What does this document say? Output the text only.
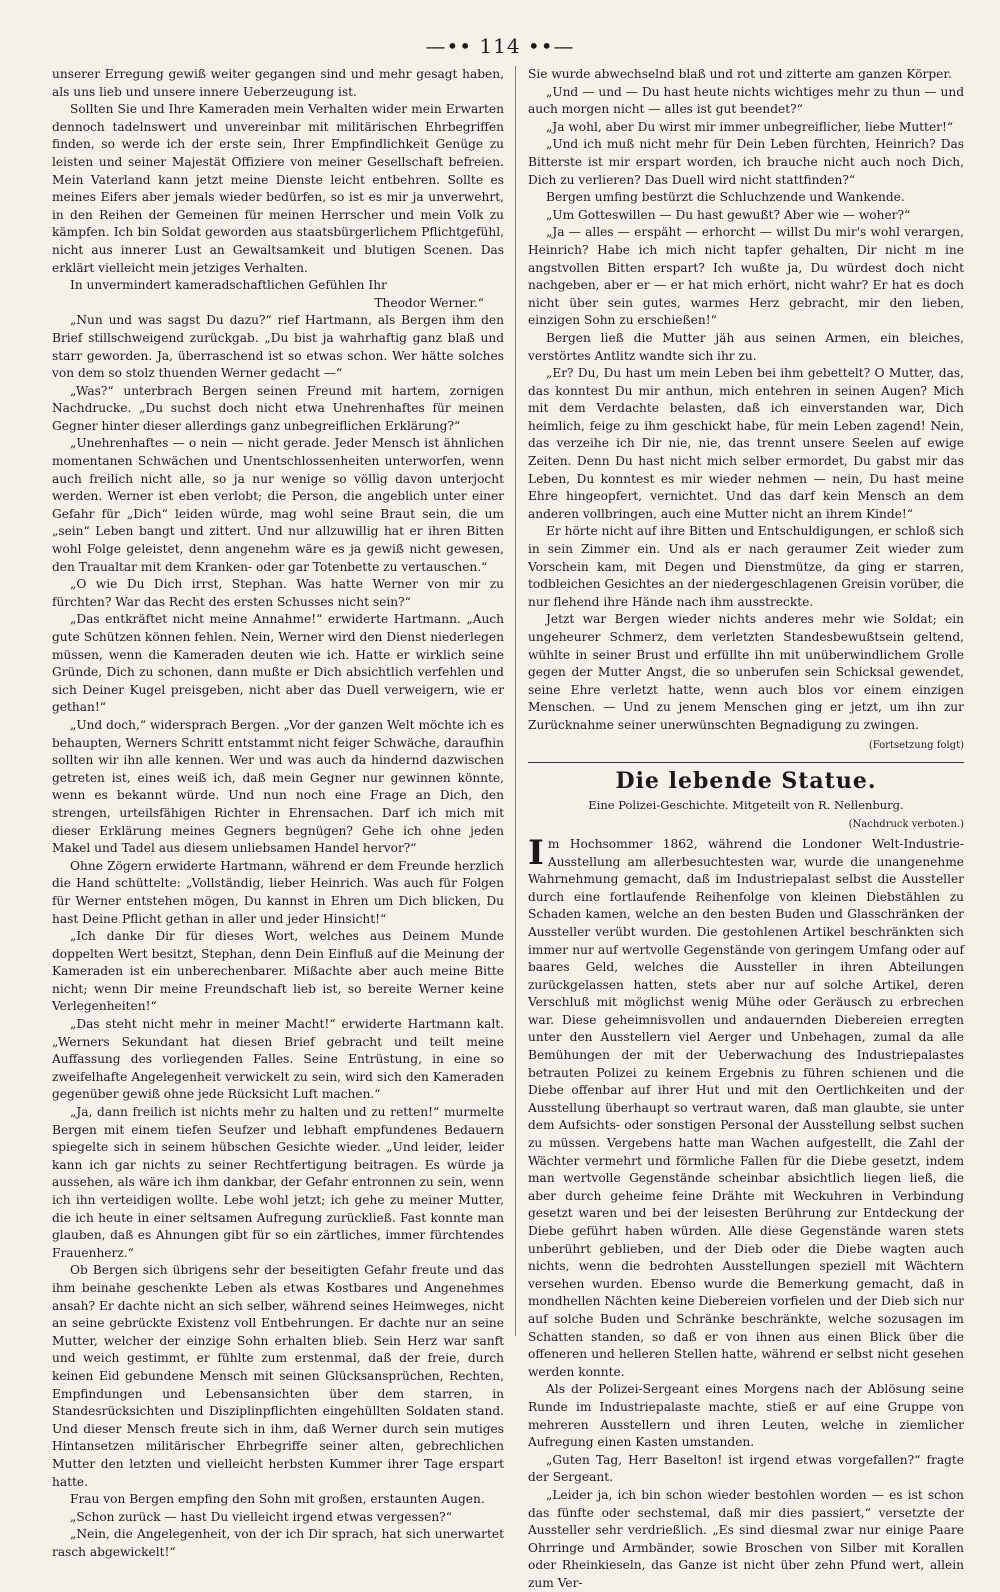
—•• 114 ••—

unserer Erregung gewiß weiter gegangen sind und mehr gesagt haben, als uns lieb und unsere innere Ueberzeugung ist.

Sollten Sie und Ihre Kameraden mein Verhalten wider mein Erwarten dennoch tadelnswert und unvereinbar mit militärischen Ehrbegriffen finden, so werde ich der erste sein, Ihrer Empfindlichkeit Genüge zu leisten und seiner Majestät Offiziere von meiner Gesellschaft befreien. Mein Vaterland kann jetzt meine Dienste leicht entbehren. Sollte es meines Eifers aber jemals wieder bedürfen, so ist es mir ja unverwehrt, in den Reihen der Gemeinen für meinen Herrscher und mein Volk zu kämpfen. Ich bin Soldat geworden aus staatsbürgerlichem Pflichtgefühl, nicht aus innerer Lust an Gewaltsamkeit und blutigen Scenen. Das erklärt vielleicht mein jetziges Verhalten.

In unvermindert kameradschaftlichen Gefühlen Ihr

Theodor Werner.“

„Nun und was sagst Du dazu?“ rief Hartmann, als Bergen ihm den Brief stillschweigend zurückgab. „Du bist ja wahrhaftig ganz blaß und starr geworden. Ja, überraschend ist so etwas schon. Wer hätte solches von dem so stolz thuenden Werner gedacht —“

„Was?“ unterbrach Bergen seinen Freund mit hartem, zornigen Nachdrucke. „Du suchst doch nicht etwa Unehrenhaftes für meinen Gegner hinter dieser allerdings ganz unbegreiflichen Erklärung?“

„Unehrenhaftes — o nein — nicht gerade. Jeder Mensch ist ähnlichen momentanen Schwächen und Unentschlossenheiten unterworfen, wenn auch freilich nicht alle, so ja nur wenige so völlig davon unterjocht werden. Werner ist eben verlobt; die Person, die angeblich unter einer Gefahr für „Dich“ leiden würde, mag wohl seine Braut sein, die um „sein“ Leben bangt und zittert. Und nur allzuwillig hat er ihren Bitten wohl Folge geleistet, denn angenehm wäre es ja gewiß nicht gewesen, den Traualtar mit dem Kranken- oder gar Totenbette zu vertauschen.“

„O wie Du Dich irrst, Stephan. Was hatte Werner von mir zu fürchten? War das Recht des ersten Schusses nicht sein?“

„Das entkräftet nicht meine Annahme!“ erwiderte Hartmann. „Auch gute Schützen können fehlen. Nein, Werner wird den Dienst niederlegen müssen, wenn die Kameraden deuten wie ich. Hatte er wirklich seine Gründe, Dich zu schonen, dann mußte er Dich absichtlich verfehlen und sich Deiner Kugel preisgeben, nicht aber das Duell verweigern, wie er gethan!“

„Und doch,“ widersprach Bergen. „Vor der ganzen Welt möchte ich es behaupten, Werners Schritt entstammt nicht feiger Schwäche, daraufhin sollten wir ihn alle kennen. Wer und was auch da hindernd dazwischen getreten ist, eines weiß ich, daß mein Gegner nur gewinnen könnte, wenn es bekannt würde. Und nun noch eine Frage an Dich, den strengen, urteilsfähigen Richter in Ehrensachen. Darf ich mich mit dieser Erklärung meines Gegners begnügen? Gehe ich ohne jeden Makel und Tadel aus diesem unliebsamen Handel hervor?“

Ohne Zögern erwiderte Hartmann, während er dem Freunde herzlich die Hand schüttelte: „Vollständig, lieber Heinrich. Was auch für Folgen für Werner entstehen mögen, Du kannst in Ehren um Dich blicken, Du hast Deine Pflicht gethan in aller und jeder Hinsicht!“

„Ich danke Dir für dieses Wort, welches aus Deinem Munde doppelten Wert besitzt, Stephan, denn Dein Einfluß auf die Meinung der Kameraden ist ein unberechenbarer. Mißachte aber auch meine Bitte nicht; wenn Dir meine Freundschaft lieb ist, so bereite Werner keine Verlegenheiten!“

„Das steht nicht mehr in meiner Macht!“ erwiderte Hartmann kalt. „Werners Sekundant hat diesen Brief gebracht und teilt meine Auffassung des vorliegenden Falles. Seine Entrüstung, in eine so zweifelhafte Angelegenheit verwickelt zu sein, wird sich den Kameraden gegenüber gewiß ohne jede Rücksicht Luft machen.“

„Ja, dann freilich ist nichts mehr zu halten und zu retten!“ murmelte Bergen mit einem tiefen Seufzer und lebhaft empfundenes Bedauern spiegelte sich in seinem hübschen Gesichte wieder. „Und leider, leider kann ich gar nichts zu seiner Rechtfertigung beitragen. Es würde ja aussehen, als wäre ich ihm dankbar, der Gefahr entronnen zu sein, wenn ich ihn verteidigen wollte. Lebe wohl jetzt; ich gehe zu meiner Mutter, die ich heute in einer seltsamen Aufregung zurückließ. Fast konnte man glauben, daß es Ahnungen gibt für so ein zärtliches, immer fürchtendes Frauenherz.“

Ob Bergen sich übrigens sehr der beseitigten Gefahr freute und das ihm beinahe geschenkte Leben als etwas Kostbares und Angenehmes ansah? Er dachte nicht an sich selber, während seines Heimweges, nicht an seine gebrückte Existenz voll Entbehrungen. Er dachte nur an seine Mutter, welcher der einzige Sohn erhalten blieb. Sein Herz war sanft und weich gestimmt, er fühlte zum erstenmal, daß der freie, durch keinen Eid gebundene Mensch mit seinen Glücksansprüchen, Rechten, Empfindungen und Lebensansichten über dem starren, in Standesrücksichten und Disziplinpflichten eingehüllten Soldaten stand. Und dieser Mensch freute sich in ihm, daß Werner durch sein mutiges Hintansetzen militärischer Ehrbegriffe seiner alten, gebrechlichen Mutter den letzten und vielleicht herbsten Kummer ihrer Tage erspart hatte.

Frau von Bergen empfing den Sohn mit großen, erstaunten Augen.

„Schon zurück — hast Du vielleicht irgend etwas vergessen?“

„Nein, die Angelegenheit, von der ich Dir sprach, hat sich unerwartet rasch abgewickelt!“

Sie wurde abwechselnd blaß und rot und zitterte am ganzen Körper.

„Und — und — Du hast heute nichts wichtiges mehr zu thun — und auch morgen nicht — alles ist gut beendet?“

„Ja wohl, aber Du wirst mir immer unbegreiflicher, liebe Mutter!“

„Und ich muß nicht mehr für Dein Leben fürchten, Heinrich? Das Bitterste ist mir erspart worden, ich brauche nicht auch noch Dich, Dich zu verlieren? Das Duell wird nicht stattfinden?“

Bergen umfing bestürzt die Schluchzende und Wankende.

„Um Gotteswillen — Du hast gewußt? Aber wie — woher?“

„Ja — alles — erspäht — erhorcht — willst Du mir's wohl verargen, Heinrich? Habe ich mich nicht tapfer gehalten, Dir nicht m ine angstvollen Bitten erspart? Ich wußte ja, Du würdest doch nicht nachgeben, aber er — er hat mich erhört, nicht wahr? Er hat es doch nicht über sein gutes, warmes Herz gebracht, mir den lieben, einzigen Sohn zu erschießen!“

Bergen ließ die Mutter jäh aus seinen Armen, ein bleiches, verstörtes Antlitz wandte sich ihr zu.

„Er? Du, Du hast um mein Leben bei ihm gebettelt? O Mutter, das, das konntest Du mir anthun, mich entehren in seinen Augen? Mich mit dem Verdachte belasten, daß ich einverstanden war, Dich heimlich, feige zu ihm geschickt habe, für mein Leben zagend! Nein, das verzeihe ich Dir nie, nie, das trennt unsere Seelen auf ewige Zeiten. Denn Du hast nicht mich selber ermordet, Du gabst mir das Leben, Du konntest es mir wieder nehmen — nein, Du hast meine Ehre hingeopfert, vernichtet. Und das darf kein Mensch an dem anderen vollbringen, auch eine Mutter nicht an ihrem Kinde!“

Er hörte nicht auf ihre Bitten und Entschuldigungen, er schloß sich in sein Zimmer ein. Und als er nach geraumer Zeit wieder zum Vorschein kam, mit Degen und Dienstmütze, da ging er starren, todbleichen Gesichtes an der niedergeschlagenen Greisin vorüber, die nur flehend ihre Hände nach ihm ausstreckte.

Jetzt war Bergen wieder nichts anderes mehr wie Soldat; ein ungeheurer Schmerz, dem verletzten Standesbewußtsein geltend, wühlte in seiner Brust und erfüllte ihn mit unüberwindlichem Grolle gegen der Mutter Angst, die so unberufen sein Schicksal gewendet, seine Ehre verletzt hatte, wenn auch blos vor einem einzigen Menschen. — Und zu jenem Menschen ging er jetzt, um ihn zur Zurücknahme seiner unerwünschten Begnadigung zu zwingen.

(Fortsetzung folgt)
Die lebende Statue.
Eine Polizei-Geschichte. Mitgeteilt von R. Nellenburg.
(Nachdruck verboten.)

Im Hochsommer 1862, während die Londoner Welt-Industrie-Ausstellung am allerbesuchtesten war, wurde die unangenehme Wahrnehmung gemacht, daß im Industriepalast selbst die Aussteller durch eine fortlaufende Reihenfolge von kleinen Diebstählen zu Schaden kamen, welche an den besten Buden und Glasschränken der Aussteller verübt wurden. Die gestohlenen Artikel beschränkten sich immer nur auf wertvolle Gegenstände von geringem Umfang oder auf baares Geld, welches die Aussteller in ihren Abteilungen zurückgelassen hatten, stets aber nur auf solche Artikel, deren Verschluß mit möglichst wenig Mühe oder Geräusch zu erbrechen war. Diese geheimnisvollen und andauernden Diebereien erregten unter den Ausstellern viel Aerger und Unbehagen, zumal da alle Bemühungen der mit der Ueberwachung des Industriepalastes betrauten Polizei zu keinem Ergebnis zu führen schienen und die Diebe offenbar auf ihrer Hut und mit den Oertlichkeiten und der Ausstellung überhaupt so vertraut waren, daß man glaubte, sie unter dem Aufsichts- oder sonstigen Personal der Ausstellung selbst suchen zu müssen. Vergebens hatte man Wachen aufgestellt, die Zahl der Wächter vermehrt und förmliche Fallen für die Diebe gesetzt, indem man wertvolle Gegenstände scheinbar absichtlich liegen ließ, die aber durch geheime feine Drähte mit Weckuhren in Verbindung gesetzt waren und bei der leisesten Berührung zur Entdeckung der Diebe geführt haben würden. Alle diese Gegenstände waren stets unberührt geblieben, und der Dieb oder die Diebe wagten auch nichts, wenn die bedrohten Ausstellungen speziell mit Wächtern versehen wurden. Ebenso wurde die Bemerkung gemacht, daß in mondhellen Nächten keine Diebereien vorfielen und der Dieb sich nur auf solche Buden und Schränke beschränkte, welche sozusagen im Schatten standen, so daß er von ihnen aus einen Blick über die offeneren und helleren Stellen hatte, während er selbst nicht gesehen werden konnte.

Als der Polizei-Sergeant eines Morgens nach der Ablösung seine Runde im Industriepalaste machte, stieß er auf eine Gruppe von mehreren Ausstellern und ihren Leuten, welche in ziemlicher Aufregung einen Kasten umstanden.

„Guten Tag, Herr Baselton! ist irgend etwas vorgefallen?“ fragte der Sergeant.

„Leider ja, ich bin schon wieder bestohlen worden — es ist schon das fünfte oder sechstemal, daß mir dies passiert,“ versetzte der Aussteller sehr verdrießlich. „Es sind diesmal zwar nur einige Paare Ohrringe und Armbänder, sowie Broschen von Silber mit Korallen oder Rheinkieseln, das Ganze ist nicht über zehn Pfund wert, allein zum Ver-
